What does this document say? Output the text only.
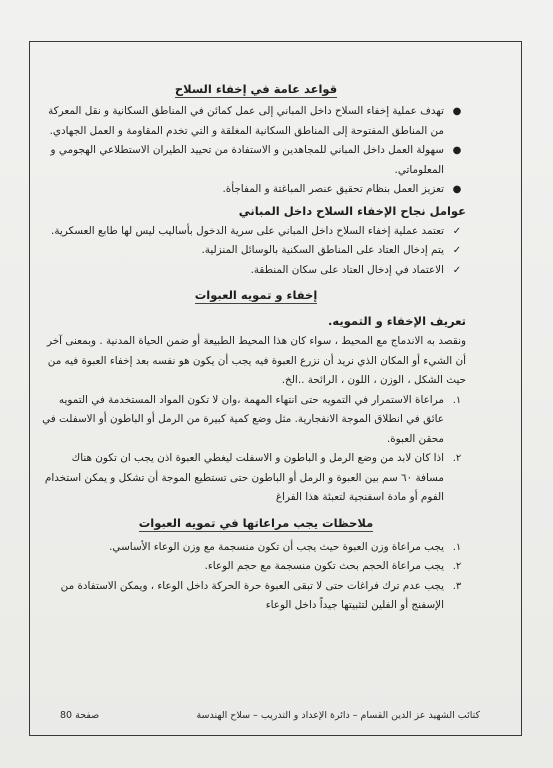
قواعد عامة في إخفاء السلاح
●
تهدف عملية إخفاء السلاح داخل المباني إلى عمل كمائن في المناطق السكانية و نقل المعركة من المناطق المفتوحة إلى المناطق السكانية المغلقة و التي تخدم المقاومة و العمل الجهادي.
●
سهولة العمل داخل المباني للمجاهدين و الاستفادة من تحييد الطيران الاستطلاعي الهجومي و المعلوماتي.
●
تعزيز العمل بنظام تحقيق عنصر المباغتة و المفاجأة.
عوامل نجاح الإخفاء السلاح داخل المباني
✓
تعتمد عملية إخفاء السلاح داخل المباني على سرية الدخول بأساليب ليس لها طابع العسكرية.
✓
يتم إدخال العتاد على المناطق السكنية بالوسائل المنزلية.
✓
الاعتماد في إدخال العتاد على سكان المنطقة.
إخفاء و تمويه العبوات
تعريف الإخفاء و التمويه.

ونقصد به الاندماج مع المحيط ، سواء كان هذا المحيط الطبيعة أو ضمن الحياة المدنية . وبمعنى آخر أن الشيء أو المكان الذي نريد أن نزرع العبوة فيه يجب أن يكون هو نفسه بعد إخفاء العبوة فيه من حيث الشكل ، الوزن ، اللون ، الرائحة ..الخ.

١.
مراعاة الاستمرار في التمويه حتى انتهاء المهمة ،وان لا تكون المواد المستخدمة في التمويه عائق في انطلاق الموجة الانفجارية. مثل وضع كمية كبيرة من الرمل أو الباطون أو الاسفلت في محقن العبوة.
٢.
اذا كان لابد من وضع الرمل و الباطون و الاسفلت ليغطي العبوة اذن يجب ان تكون هناك مسافة ٦٠ سم بين العبوة و الرمل أو الباطون حتى تستطيع الموجة أن تشكل و يمكن استخدام الفوم أو مادة اسفنجية لتعبئة هذا الفراغ
ملاحظات يجب مراعاتها في تمويه العبوات
١.
يجب مراعاة وزن العبوة حيث يجب أن تكون منسجمة مع وزن الوعاء الأساسي.
٢.
يجب مراعاة الحجم بحث تكون منسجمة مع حجم الوعاء.
٣.
يجب عدم ترك فراغات حتى لا تبقى العبوة حرة الحركة داخل الوعاء ، ويمكن الاستفادة من الإسفنج أو الفلين لتثبيتها جيداً داخل الوعاء
كتائب الشهيد عز الدين القسام – دائرة الإعداد و التدريب – سلاح الهندسة
صفحة 80
